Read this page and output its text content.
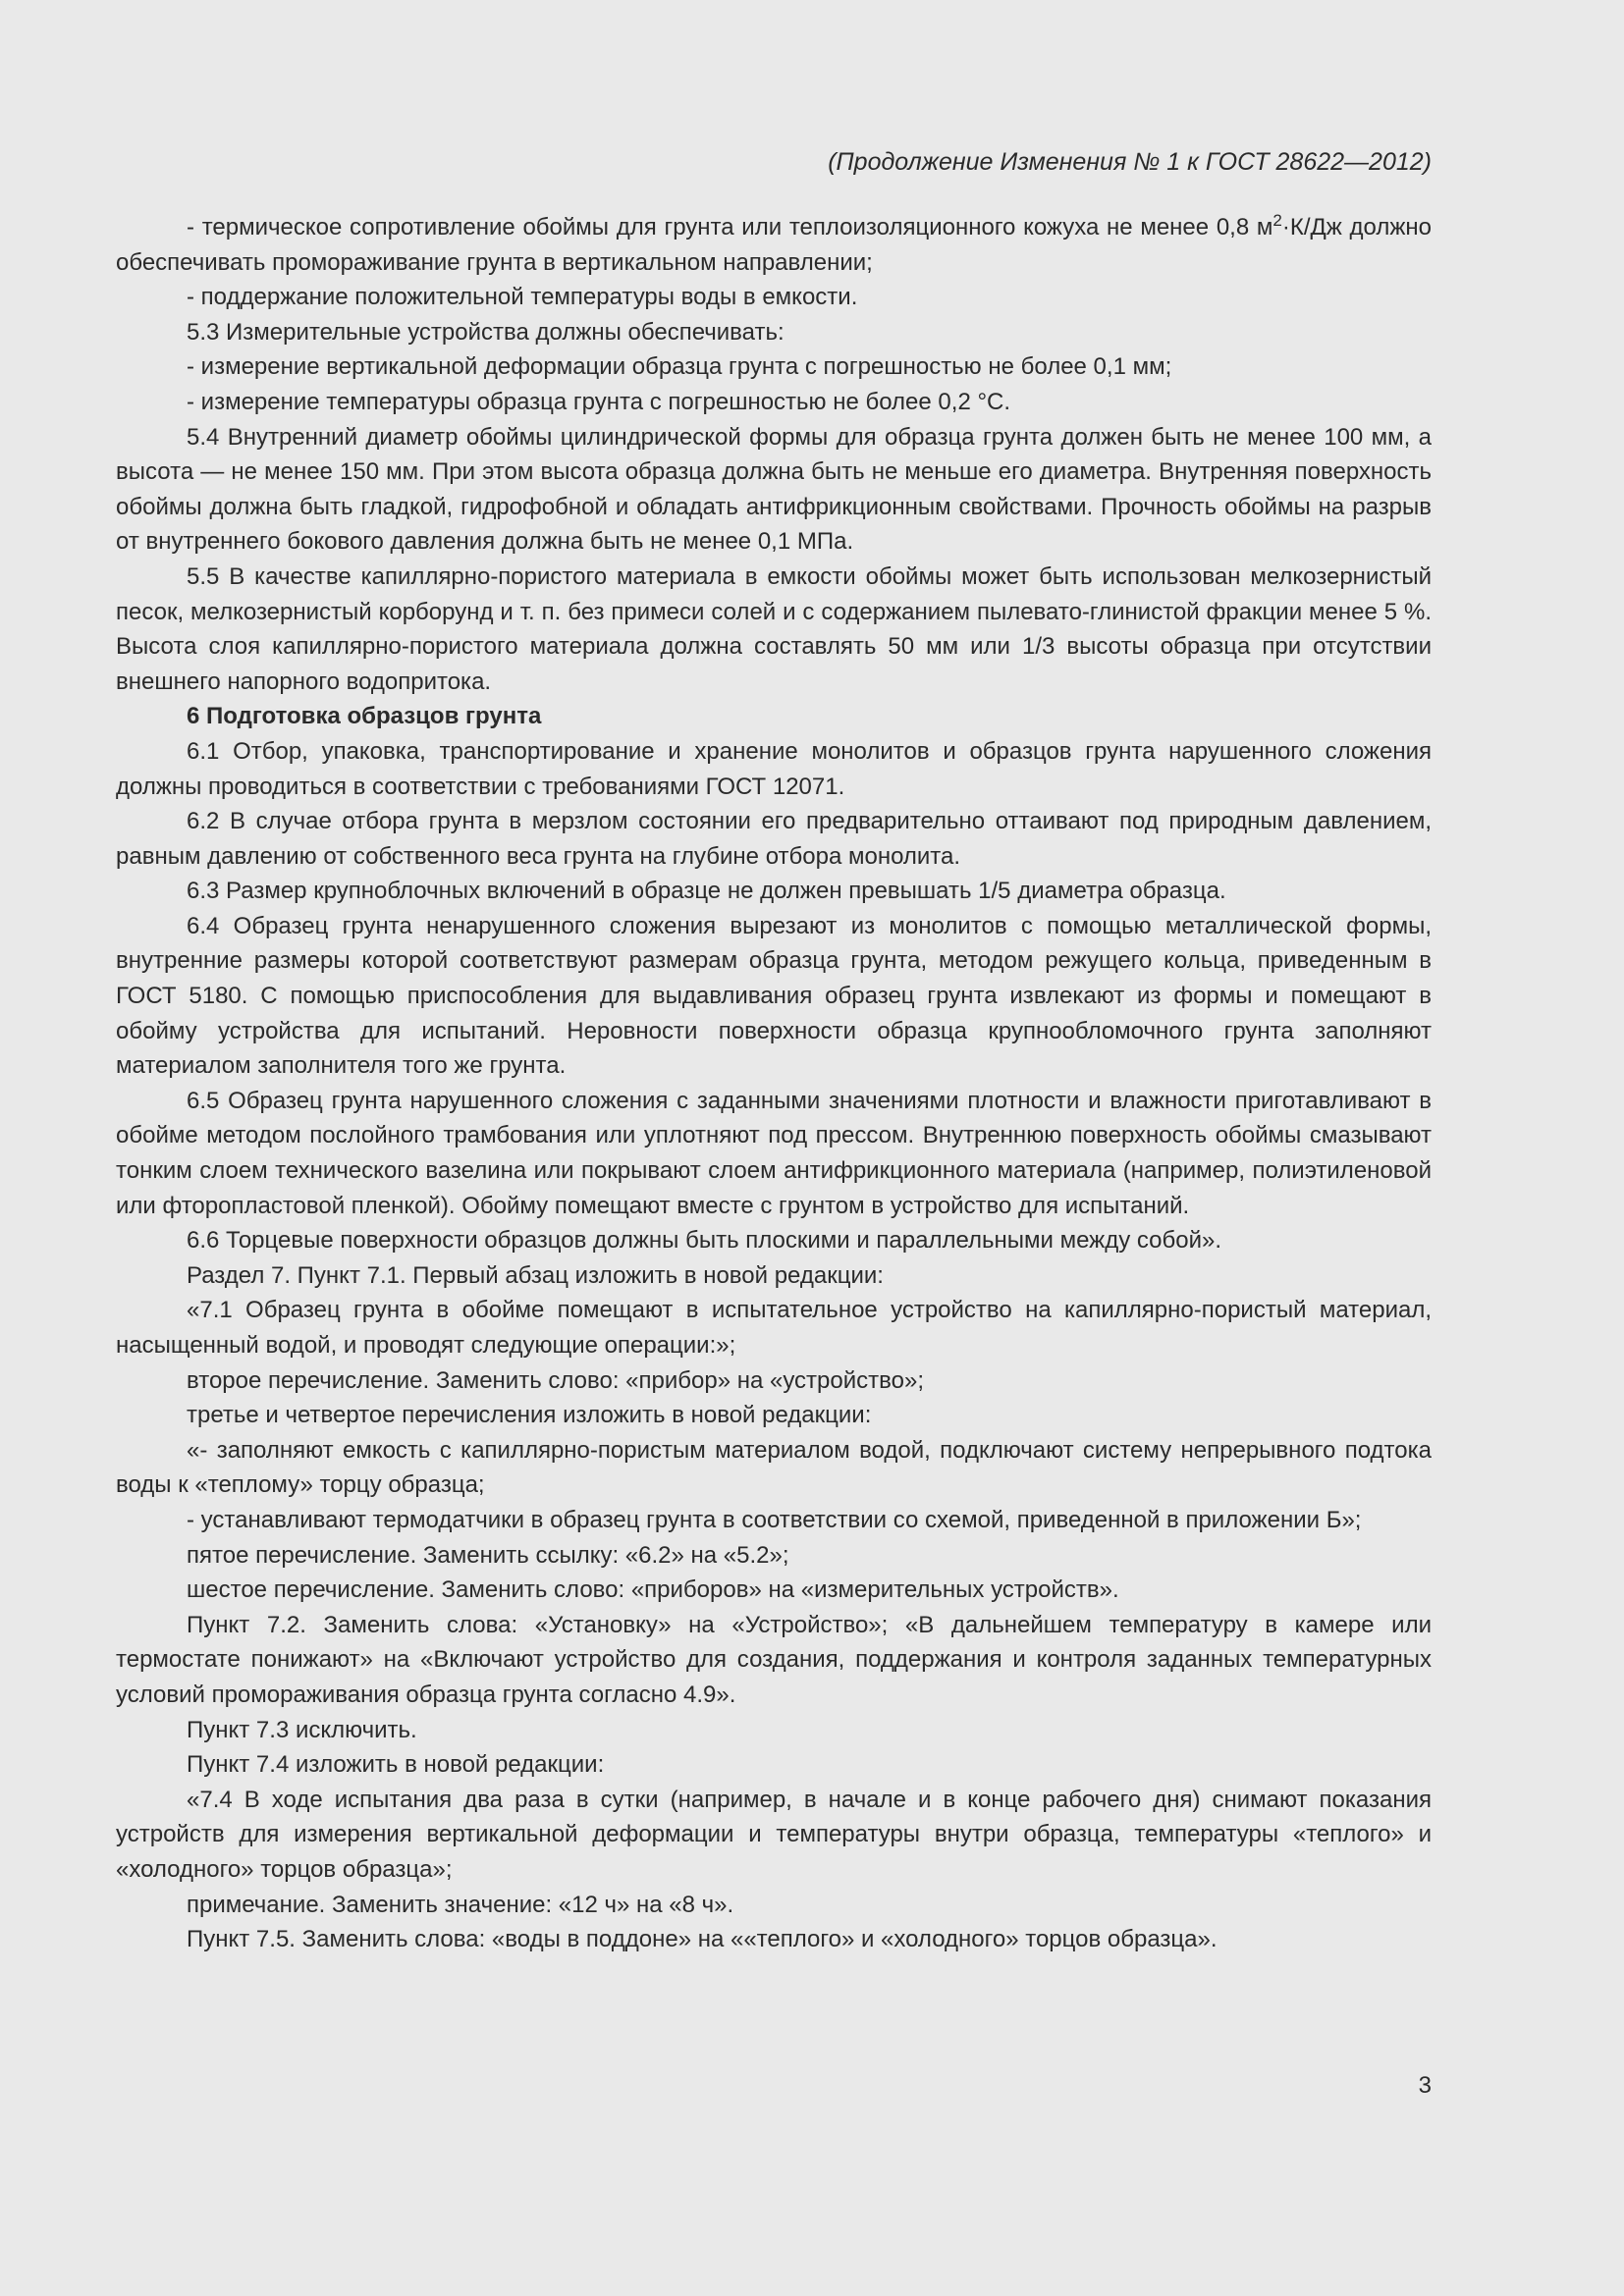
(Продолжение Изменения № 1 к ГОСТ 28622—2012)

- термическое сопротивление обоймы для грунта или теплоизоляционного кожуха не менее 0,8 $м^2\cdot К/Дж$ должно обеспечивать промораживание грунта в вертикальном направлении;

- поддержание положительной температуры воды в емкости.

5.3 Измерительные устройства должны обеспечивать:

- измерение вертикальной деформации образца грунта с погрешностью не более 0,1 мм;

- измерение температуры образца грунта с погрешностью не более 0,2 °С.

5.4 Внутренний диаметр обоймы цилиндрической формы для образца грунта должен быть не менее 100 мм, а высота — не менее 150 мм. При этом высота образца должна быть не меньше его диаметра. Внутренняя поверхность обоймы должна быть гладкой, гидрофобной и обладать антифрикционным свойствами. Прочность обоймы на разрыв от внутреннего бокового давления должна быть не менее 0,1 МПа.

5.5 В качестве капиллярно-пористого материала в емкости обоймы может быть использован мелкозернистый песок, мелкозернистый корборунд и т. п. без примеси солей и с содержанием пылевато-глинистой фракции менее 5 %. Высота слоя капиллярно-пористого материала должна составлять 50 мм или 1/3 высоты образца при отсутствии внешнего напорного водопритока.

6 Подготовка образцов грунта

6.1 Отбор, упаковка, транспортирование и хранение монолитов и образцов грунта нарушенного сложения должны проводиться в соответствии с требованиями ГОСТ 12071.

6.2 В случае отбора грунта в мерзлом состоянии его предварительно оттаивают под природным давлением, равным давлению от собственного веса грунта на глубине отбора монолита.

6.3 Размер крупноблочных включений в образце не должен превышать 1/5 диаметра образца.

6.4 Образец грунта ненарушенного сложения вырезают из монолитов с помощью металлической формы, внутренние размеры которой соответствуют размерам образца грунта, методом режущего кольца, приведенным в ГОСТ 5180. С помощью приспособления для выдавливания образец грунта извлекают из формы и помещают в обойму устройства для испытаний. Неровности поверхности образца крупнообломочного грунта заполняют материалом заполнителя того же грунта.

6.5 Образец грунта нарушенного сложения с заданными значениями плотности и влажности приготавливают в обойме методом послойного трамбования или уплотняют под прессом. Внутреннюю поверхность обоймы смазывают тонким слоем технического вазелина или покрывают слоем антифрикционного материала (например, полиэтиленовой или фторопластовой пленкой). Обойму помещают вместе с грунтом в устройство для испытаний.

6.6 Торцевые поверхности образцов должны быть плоскими и параллельными между собой».

Раздел 7. Пункт 7.1. Первый абзац изложить в новой редакции:

«7.1 Образец грунта в обойме помещают в испытательное устройство на капиллярно-пористый материал, насыщенный водой, и проводят следующие операции:»;

второе перечисление. Заменить слово: «прибор» на «устройство»;

третье и четвертое перечисления изложить в новой редакции:

«- заполняют емкость с капиллярно-пористым материалом водой, подключают систему непрерывного подтока воды к «теплому» торцу образца;

- устанавливают термодатчики в образец грунта в соответствии со схемой, приведенной в приложении Б»;

пятое перечисление. Заменить ссылку: «6.2» на «5.2»;

шестое перечисление. Заменить слово: «приборов» на «измерительных устройств».

Пункт 7.2. Заменить слова: «Установку» на «Устройство»; «В дальнейшем температуру в камере или термостате понижают» на «Включают устройство для создания, поддержания и контроля заданных температурных условий промораживания образца грунта согласно 4.9».

Пункт 7.3 исключить.

Пункт 7.4 изложить в новой редакции:

«7.4 В ходе испытания два раза в сутки (например, в начале и в конце рабочего дня) снимают показания устройств для измерения вертикальной деформации и температуры внутри образца, температуры «теплого» и «холодного» торцов образца»;

примечание. Заменить значение: «12 ч» на «8 ч».

Пункт 7.5. Заменить слова: «воды в поддоне» на ««теплого» и «холодного» торцов образца».

3
